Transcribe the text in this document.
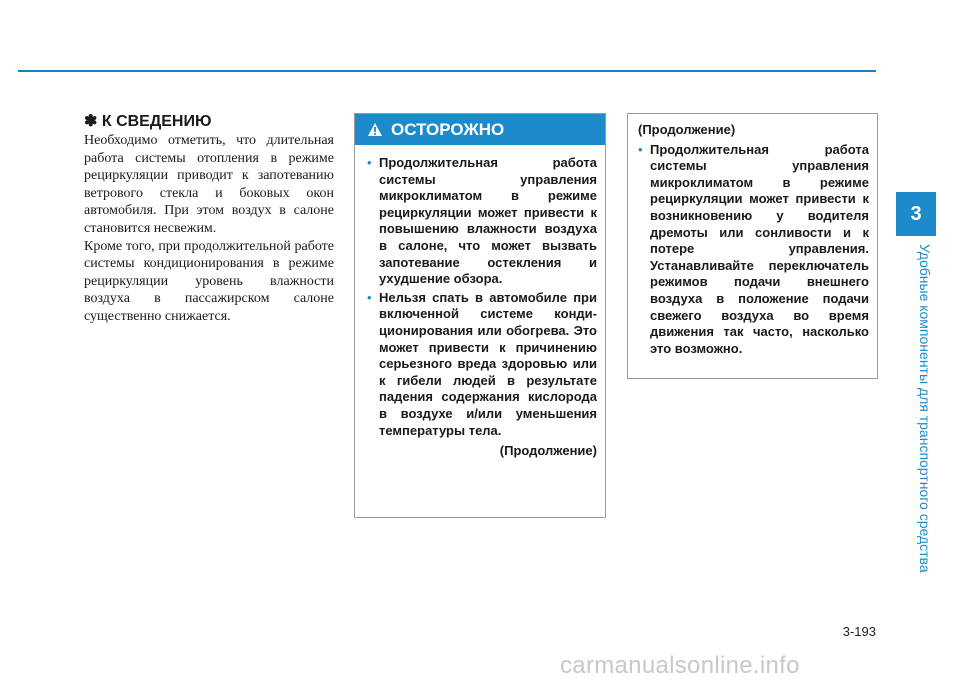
3
Удобные компоненты для транспортного средства
✽ К СВЕДЕНИЮ

Необходимо отметить, что длительная работа системы отопления в режиме рециркуляции приводит к запотеванию ветрового стекла и боковых окон автомобиля. При этом воздух в салоне становится несвежим.

Кроме того, при продолжительной работе системы кондиционирования в режиме рециркуляции уровень влажности воздуха в пассажирском салоне существенно снижается.

ОСТОРОЖНО
• Продолжительная работа системы управления микроклиматом в режиме рециркуляции может привести к повышению влажности воздуха в салоне, что может вызвать запотевание остекления и ухудшение обзора.
• Нельзя спать в автомобиле при включенной системе конди-ционирования или обогрева. Это может привести к причинению серьезного вреда здоровью или к гибели людей в результате падения содержания кислорода в воздухе и/или уменьшения температуры тела.
(Продолжение)
(Продолжение)
• Продолжительная работа системы управления микроклиматом в режиме рециркуляции может привести к возникновению у водителя дремоты или сонливости и к потере управления. Устанавливайте переключатель режимов подачи внешнего воздуха в положение подачи свежего воздуха во время движения так часто, насколько это возможно.
3-193
carmanualsonline.info
